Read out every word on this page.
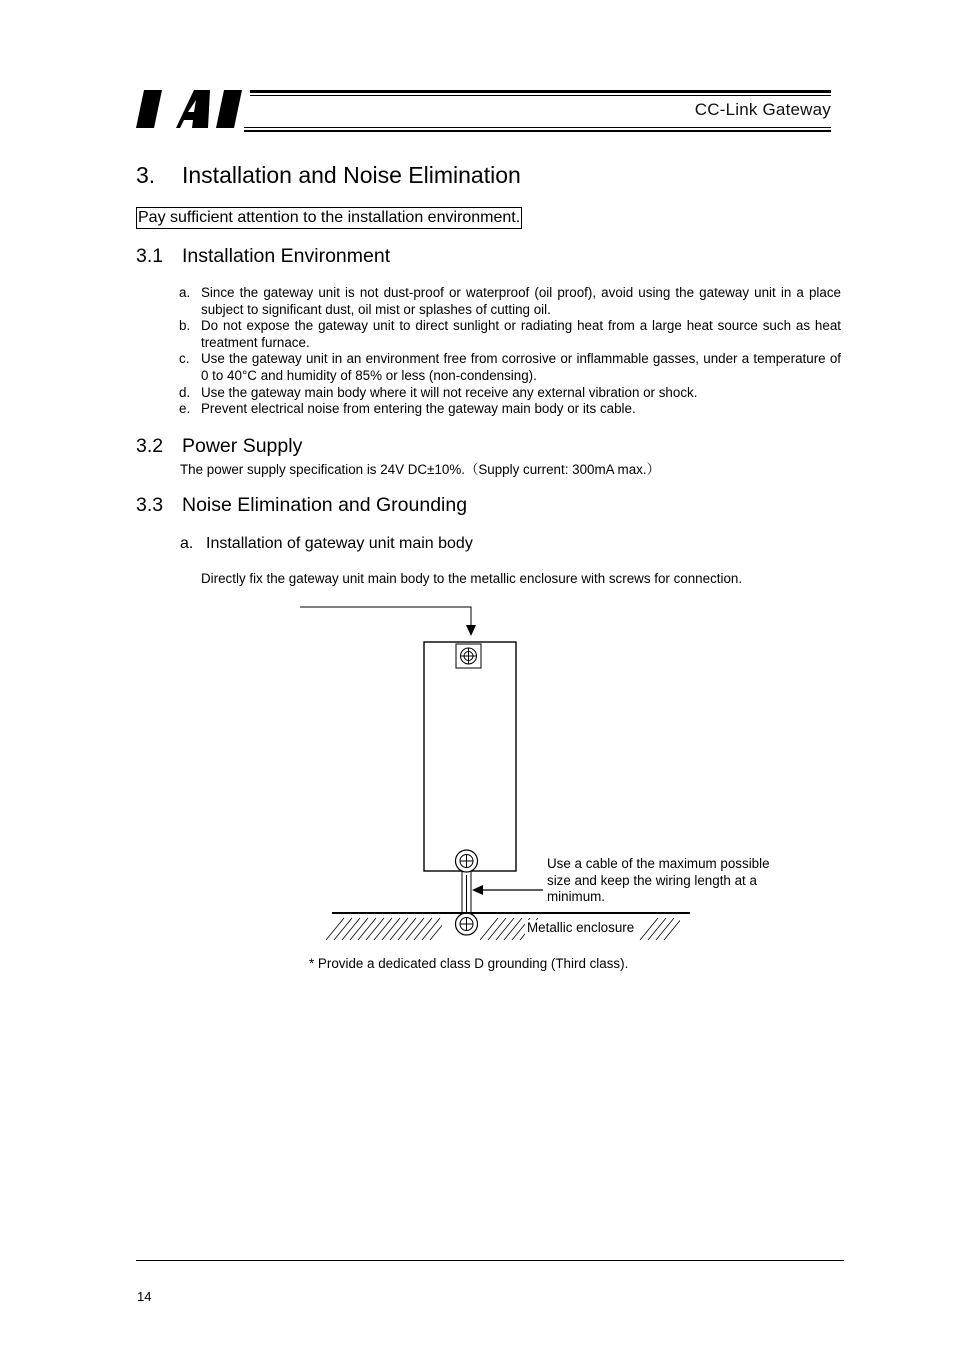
CC-Link Gateway
3. Installation and Noise Elimination
Pay sufficient attention to the installation environment.
3.1 Installation Environment
a. Since the gateway unit is not dust-proof or waterproof (oil proof), avoid using the gateway unit in a place subject to significant dust, oil mist or splashes of cutting oil.
b. Do not expose the gateway unit to direct sunlight or radiating heat from a large heat source such as heat treatment furnace.
c. Use the gateway unit in an environment free from corrosive or inflammable gasses, under a temperature of 0 to 40°C and humidity of 85% or less (non-condensing).
d. Use the gateway main body where it will not receive any external vibration or shock.
e. Prevent electrical noise from entering the gateway main body or its cable.
3.2 Power Supply
The power supply specification is 24V DC±10%.（Supply current: 300mA max.）
3.3 Noise Elimination and Grounding
a. Installation of gateway unit main body
Directly fix the gateway unit main body to the metallic enclosure with screws for connection.
Use a cable of the maximum possible size and keep the wiring length at a minimum.
Metallic enclosure
* Provide a dedicated class D grounding (Third class).
14
